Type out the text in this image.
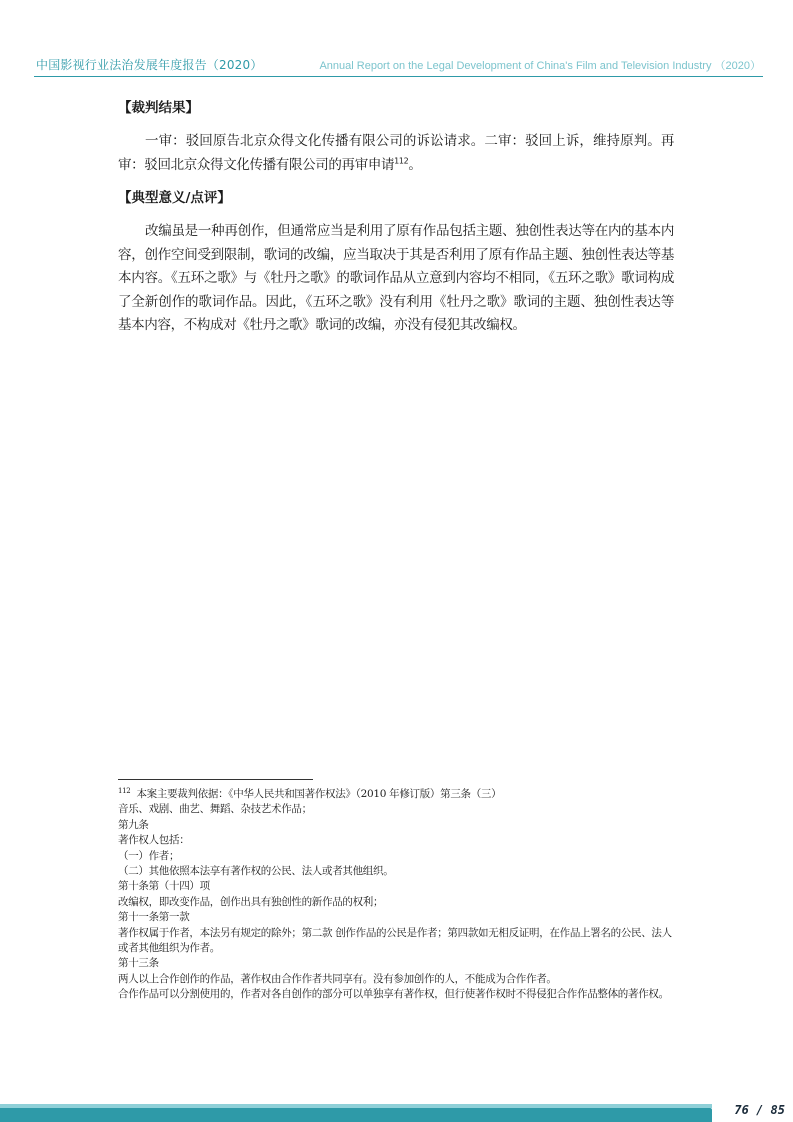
中国影视行业法治发展年度报告（2020）	Annual Report on the Legal Development of China's Film and Television Industry （2020）

【裁判结果】

一审：驳回原告北京众得文化传播有限公司的诉讼请求。二审：驳回上诉，维持原判。再审：驳回北京众得文化传播有限公司的再审申请$^{112}$。

【典型意义/点评】

改编虽是一种再创作，但通常应当是利用了原有作品包括主题、独创性表达等在内的基本内容，创作空间受到限制，歌词的改编，应当取决于其是否利用了原有作品主题、独创性表达等基本内容。《五环之歌》与《牡丹之歌》的歌词作品从立意到内容均不相同，《五环之歌》歌词构成了全新创作的歌词作品。因此，《五环之歌》没有利用《牡丹之歌》歌词的主题、独创性表达等基本内容，不构成对《牡丹之歌》歌词的改编，亦没有侵犯其改编权。

$^{112}$ 本案主要裁判依据：《中华人民共和国著作权法》（2010 年修订版）第三条（三）
音乐、戏剧、曲艺、舞蹈、杂技艺术作品；
第九条
著作权人包括：
（一）作者；
（二）其他依照本法享有著作权的公民、法人或者其他组织。
第十条第（十四）项
改编权，即改变作品，创作出具有独创性的新作品的权利；
第十一条第一款
著作权属于作者，本法另有规定的除外；第二款 创作作品的公民是作者；第四款如无相反证明，在作品上署名的公民、法人或者其他组织为作者。
第十三条
两人以上合作创作的作品，著作权由合作作者共同享有。没有参加创作的人，不能成为合作作者。
合作作品可以分割使用的，作者对各自创作的部分可以单独享有著作权，但行使著作权时不得侵犯合作作品整体的著作权。
76 / 85
